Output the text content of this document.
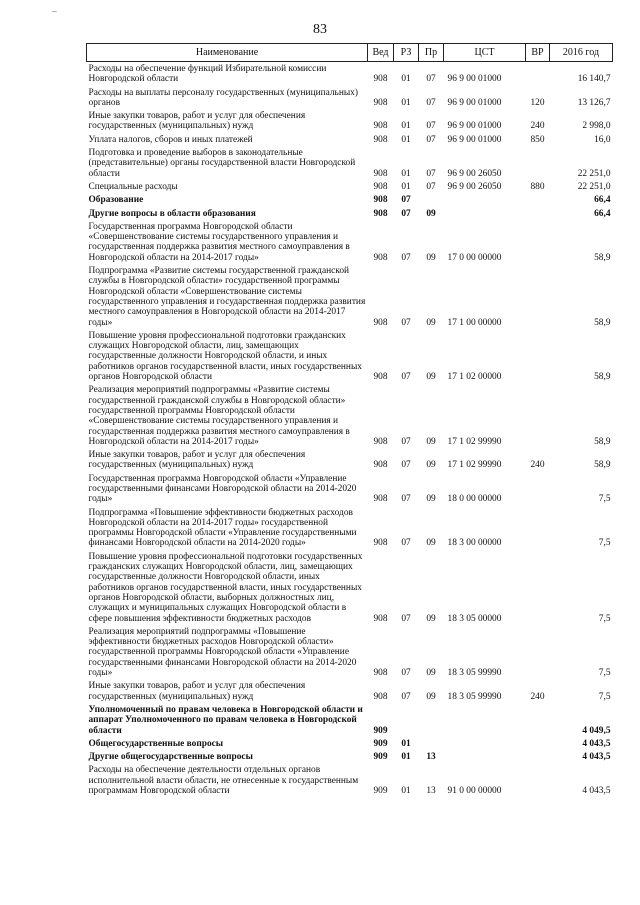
–
83
Наименование	Вед	РЗ	Пр	ЦСТ	ВР	2016 год
Расходы на обеспечение функций Избирательной комиссии Новгородской области	908	01	07	96 9 00 01000		16 140,7
Расходы на выплаты персоналу государственных (муниципальных) органов	908	01	07	96 9 00 01000	120	13 126,7
Иные закупки товаров, работ и услуг для обеспечения государственных (муниципальных) нужд	908	01	07	96 9 00 01000	240	2 998,0
Уплата налогов, сборов и иных платежей	908	01	07	96 9 00 01000	850	16,0
Подготовка и проведение выборов в законодательные (представительные) органы государственной власти Новгородской области	908	01	07	96 9 00 26050		22 251,0
Специальные расходы	908	01	07	96 9 00 26050	880	22 251,0
Образование	908	07				66,4
Другие вопросы в области образования	908	07	09			66,4
Государственная программа Новгородской области «Совершенствование системы государственного управления и государственная поддержка развития местного самоуправления в Новгородской области на 2014-2017 годы»	908	07	09	17 0 00 00000		58,9
Подпрограмма «Развитие системы государственной гражданской службы в Новгородской области» государственной программы Новгородской области «Совершенствование системы государственного управления и государственная поддержка развития местного самоуправления в Новгородской области на 2014-2017 годы»	908	07	09	17 1 00 00000		58,9
Повышение уровня профессиональной подготовки гражданских служащих Новгородской области, лиц, замещающих государственные должности Новгородской области, и иных работников органов государственной власти, иных государственных органов Новгородской области	908	07	09	17 1 02 00000		58,9
Реализация мероприятий подпрограммы «Развитие системы государственной гражданской службы в Новгородской области» государственной программы Новгородской области «Совершенствование системы государственного управления и государственная поддержка развития местного самоуправления в Новгородской области на 2014-2017 годы»	908	07	09	17 1 02 99990		58,9
Иные закупки товаров, работ и услуг для обеспечения государственных (муниципальных) нужд	908	07	09	17 1 02 99990	240	58,9
Государственная программа Новгородской области «Управление государственными финансами Новгородской области на 2014-2020 годы»	908	07	09	18 0 00 00000		7,5
Подпрограмма «Повышение эффективности бюджетных расходов Новгородской области на 2014-2017 годы» государственной программы Новгородской области «Управление государственными финансами Новгородской области на 2014-2020 годы»	908	07	09	18 3 00 00000		7,5
Повышение уровня профессиональной подготовки государственных гражданских служащих Новгородской области, лиц, замещающих государственные должности Новгородской области, иных работников органов государственной власти, иных государственных органов Новгородской области, выборных должностных лиц, служащих и муниципальных служащих Новгородской области в сфере повышения эффективности бюджетных расходов	908	07	09	18 3 05 00000		7,5
Реализация мероприятий подпрограммы «Повышение эффективности бюджетных расходов Новгородской области» государственной программы Новгородской области «Управление государственными финансами Новгородской области на 2014-2020 годы»	908	07	09	18 3 05 99990		7,5
Иные закупки товаров, работ и услуг для обеспечения государственных (муниципальных) нужд	908	07	09	18 3 05 99990	240	7,5
Уполномоченный по правам человека в Новгородской области и аппарат Уполномоченного по правам человека в Новгородской области	909					4 049,5
Общегосударственные вопросы	909	01				4 043,5
Другие общегосударственные вопросы	909	01	13			4 043,5
Расходы на обеспечение деятельности отдельных органов исполнительной власти области, не отнесенные к государственным программам Новгородской области	909	01	13	91 0 00 00000		4 043,5
